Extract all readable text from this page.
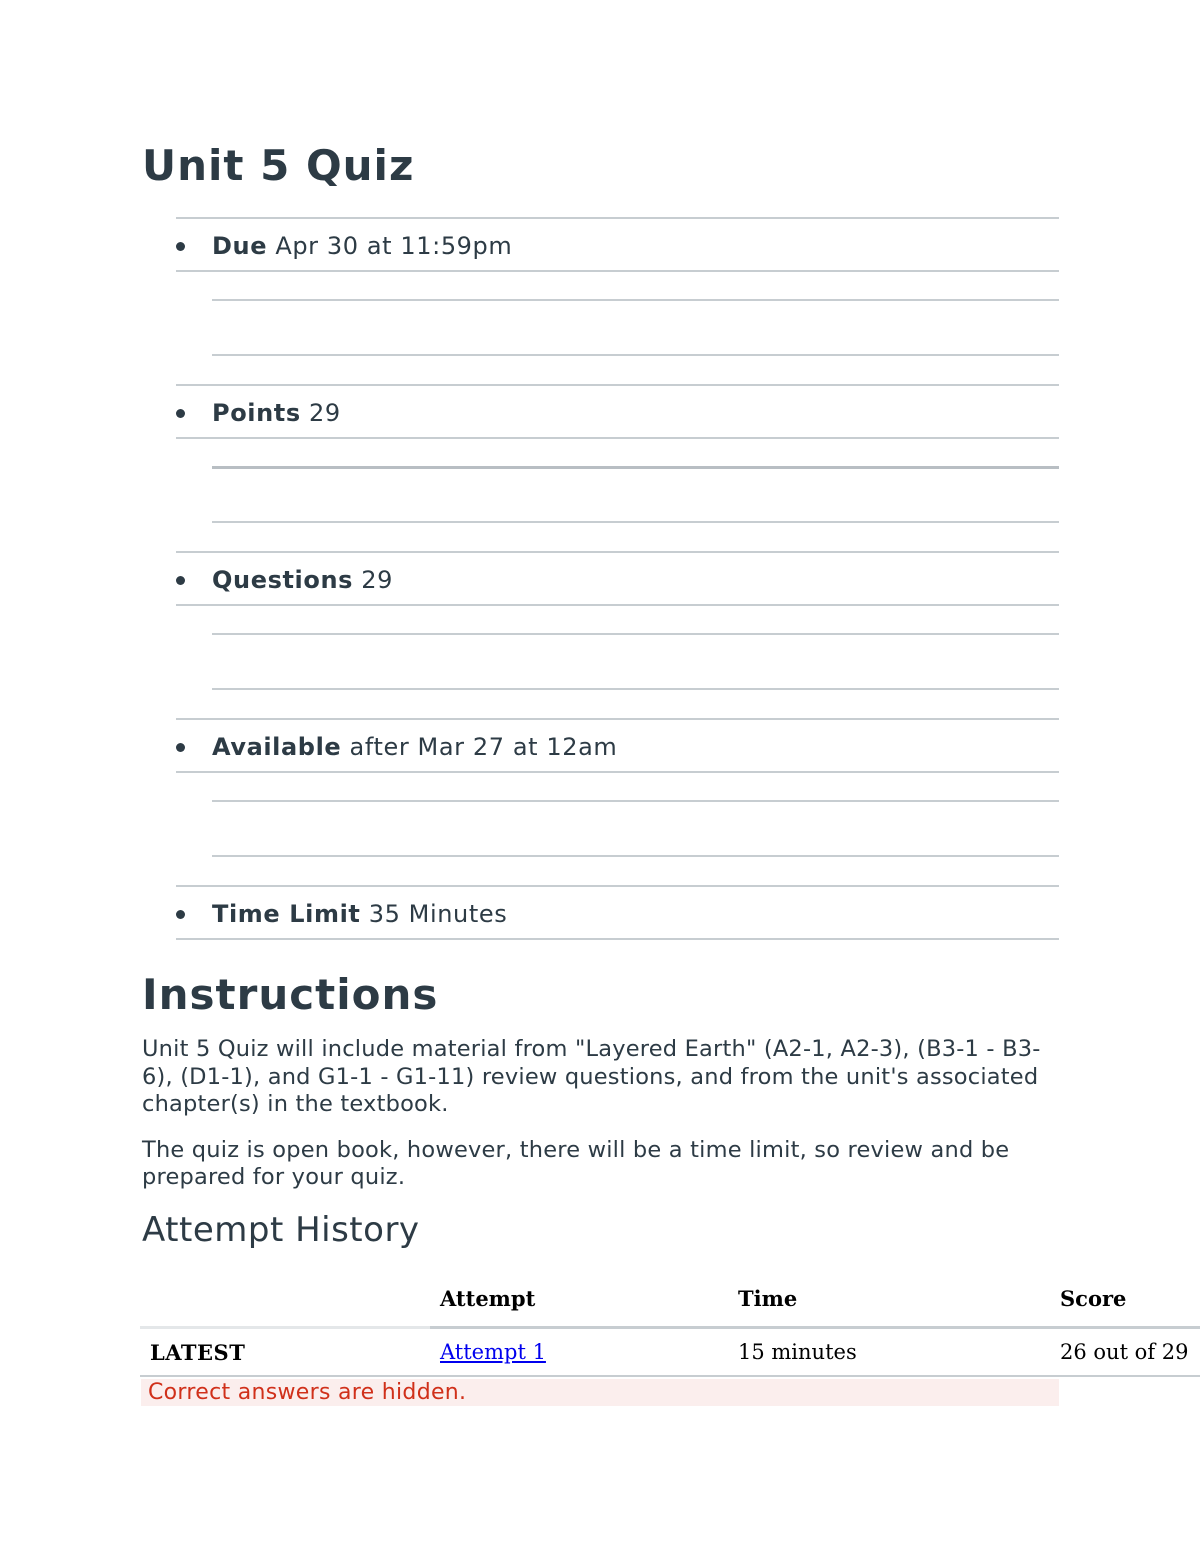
Unit 5 Quiz
Due Apr 30 at 11:59pm
Points 29
Questions 29
Available after Mar 27 at 12am
Time Limit 35 Minutes
Instructions

Unit 5 Quiz will include material from "Layered Earth" (A2-1, A2-3), (B3-1 - B3-6), (D1-1), and G1-1 - G1-11) review questions, and from the unit's associated chapter(s) in the textbook.

The quiz is open book, however, there will be a time limit, so review and be prepared for your quiz.

Attempt History
	Attempt	Time	Score
LATEST	Attempt 1	15 minutes	26 out of 29
Correct answers are hidden.
